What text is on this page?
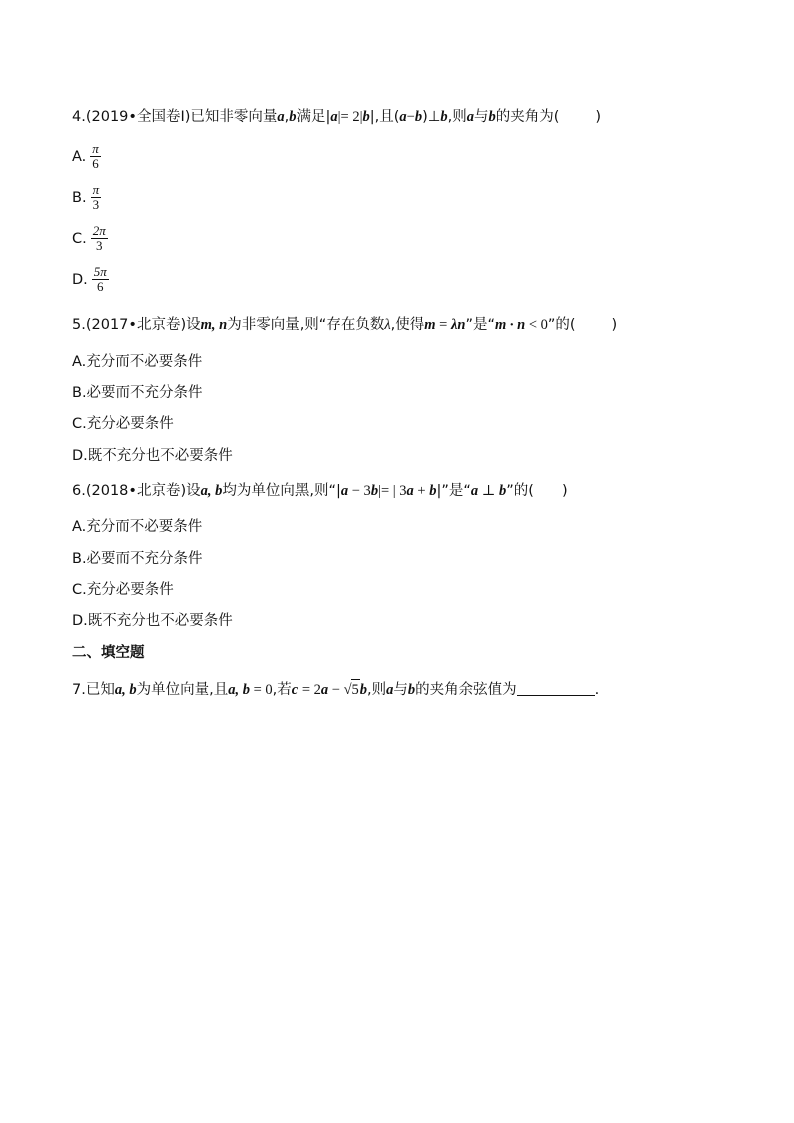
4.(2019•全国卷I)已知非零向量a,b满足|a|= 2|b|,且(a−b)⊥b,则a与b的夹角为( )
A. $\frac{\pi}{6}$
B. $\frac{\pi}{3}$
C. $\frac{2\pi}{3}$
D. $\frac{5\pi}{6}$
5.(2017•北京卷)设m, n为非零向量,则“存在负数λ,使得m = λn”是“m · n < 0”的( )
A.充分而不必要条件
B.必要而不充分条件
C.充分必要条件
D.既不充分也不必要条件
6.(2018•北京卷)设a, b均为单位向黑,则“|a − 3b|= | 3a + b|”是“a ⊥ b”的( )
A.充分而不必要条件
B.必要而不充分条件
C.充分必要条件
D.既不充分也不必要条件
二、填空题
7.已知a, b为单位向量,且a, b = 0,若c = 2a − √5b,则a与b的夹角余弦值为	.
